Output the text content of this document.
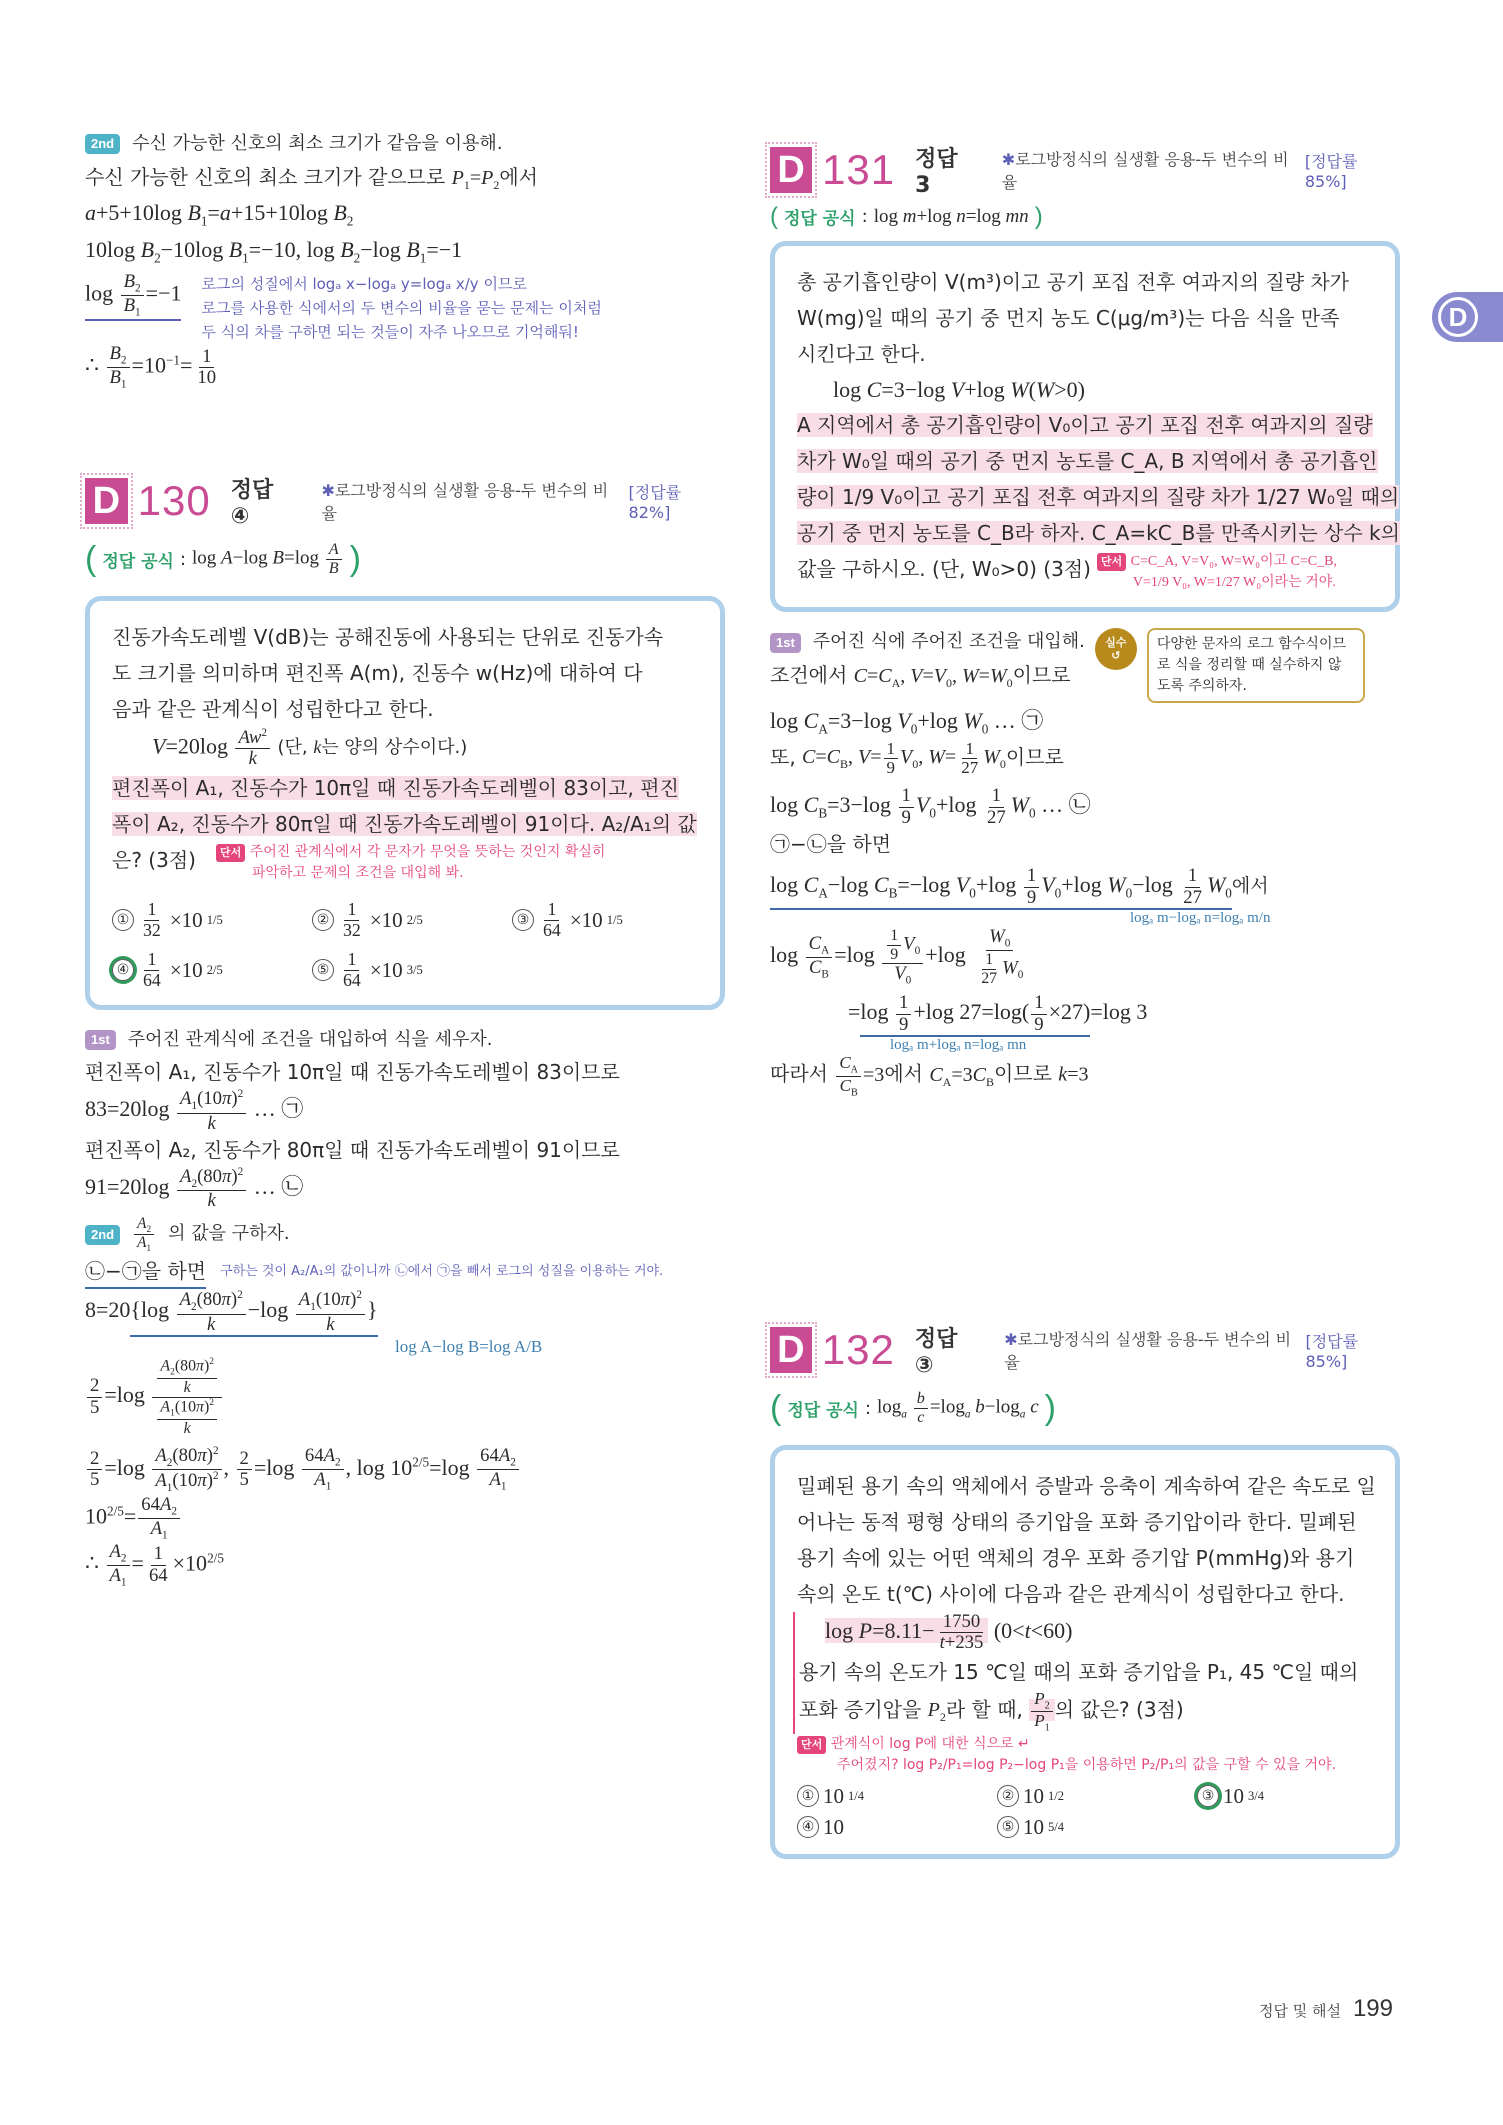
D
2nd	수신 가능한 신호의 최소 크기가 같음을 이용해.
수신 가능한 신호의 최소 크기가 같으므로 $P_1=P_2$에서
a+5+10log $B_1=a+15+10\log$ $B_2$
10log $B_2-10\log$ $B_1=-10$, $\log B_2-\log$ $B_1=-1$
$\log \frac{B_2}{B_1} =-1$ 로그의 성질에서 logₐ x−logₐ y=logₐ x/y 이므로
로그를 사용한 식에서의 두 변수의 비율을 묻는 문제는 이처럼
두 식의 차를 구하면 되는 것들이 자주 나오므로 기억해둬!
∴ $\frac{B_2}{B_1} =10^{-1}= \frac{1}{10}$
D 130 정답 ④
✱로그방정식의 실생활 응용-두 변수의 비율
[정답률 82%]
( 정답 공식 : log A−log $B=\log \frac{A}{B}$ )
진동가속도레벨 V(dB)는 공해진동에 사용되는 단위로 진동가속
도 크기를 의미하며 편진폭 A(m), 진동수 w(Hz)에 대하여 다
음과 같은 관계식이 성립한다고 한다.
$V=20\log \frac{Aw^2}{k}$ (단, k는 양의 상수이다.)
편진폭이 A₁, 진동수가 10π일 때 진동가속도레벨이 83이고, 편진
폭이 A₂, 진동수가 80π일 때 진동가속도레벨이 91이다. A₂/A₁의 값
은? (3점)	단서 주어진 관계식에서 각 문자가 무엇을 뜻하는 것인지 확실히
파악하고 문제의 조건을 대입해 봐.
① $\frac{1}{32} \times 10$ 1/5	② $\frac{1}{32} \times 10$ 2/5	③ $\frac{1}{64} \times 10$ 1/5
④ $\frac{1}{64} \times 10$ 2/5	⑤ $\frac{1}{64} \times 10$ 3/5
1st	주어진 관계식에 조건을 대입하여 식을 세우자.
편진폭이 A₁, 진동수가 10π일 때 진동가속도레벨이 83이므로
$83=20\log \frac{A_1(10\pi)^2}{k}$ … ㉠
편진폭이 A₂, 진동수가 80π일 때 진동가속도레벨이 91이므로
$91=20\log \frac{A_2(80\pi)^2}{k}$ … ㉡
2nd	$\frac{A_2}{A_1}$ 의 값을 구하자.
㉡−㉠을 하면 구하는 것이 A₂/A₁의 값이니까 ㉡에서 ㉠을 빼서 로그의 성질을 이용하는 거야.
$8=20\{\log \frac{A_2(80\pi)^2}{k} -\log \frac{A_1(10\pi)^2}{k}$ }
log A−log B=log A/B
$\frac{2}{5} =\log \frac{\frac{A_2(80\pi)^2}{k}}{\frac{A_1(10\pi)^2}{k}}$
$\frac{2}{5} =\log \frac{A_2(80\pi)^2}{A_1(10\pi)^2}$ , $\frac{2}{5} =\log \frac{64A_2}{A_1}$ , $\log 10^{2/5}=\log \frac{64A_2}{A_1}$
$10^{2/5}= \frac{64A_2}{A_1}$
∴ $\frac{A_2}{A_1} = \frac{1}{64} \times 10^{2/5}$
D 131 정답 3
✱로그방정식의 실생활 응용-두 변수의 비율
[정답률 85%]
( 정답 공식 : log m+log n=log mn )
총 공기흡인량이 V(m³)이고 공기 포집 전후 여과지의 질량 차가
W(mg)일 때의 공기 중 먼지 농도 C(μg/m³)는 다음 식을 만족
시킨다고 한다.
log C=3−log V+log W(W>0)
A 지역에서 총 공기흡인량이 V₀이고 공기 포집 전후 여과지의 질량
차가 W₀일 때의 공기 중 먼지 농도를 C_A, B 지역에서 총 공기흡인
량이 1/9 V₀이고 공기 포집 전후 여과지의 질량 차가 1/27 W₀일 때의
공기 중 먼지 농도를 C_B라 하자. C_A=kC_B를 만족시키는 상수 k의
값을 구하시오. (단, W₀>0) (3점) 단서 C=C_A, V=V₀, W=W₀이고 C=C_B,
V=1/9 V₀, W=1/27 W₀이라는 거야.
1st	주어진 식에 주어진 조건을 대입해.
조건에서 $C=C_A$, $V=V_0$, $W=W_0$이므로
실수
↺
다양한 문자의 로그 함수식이므
로 식을 정리할 때 실수하지 않
도록 주의하자.
$\log C_A=3-\log$ $V_0+\log$ $W_0$ … ㉠
또, $C=C_B$, $V= \frac{1}{9} V_0$, $W= \frac{1}{27} W_0$이므로
$\log C_B=3-\log \frac{1}{9} V_0+\log \frac{1}{27} W_0$ … ㉡
㉠−㉡을 하면
$\log C_A-\log$ $C_B=-\log$ $V_0+\log \frac{1}{9} V_0+\log$ $W_0-\log \frac{1}{27} W_0$에서
logₐ m−logₐ n=logₐ m/n
$\log \frac{C_A}{C_B} =\log \frac{\frac{1}{9} V_0}{V_0} +\log \frac{W_0}{\frac{1}{27} W_0}$
$=\log \frac{1}{9} +\log$ $27=\log( \frac{1}{9} \times 27)=\log$ 3
logₐ m+logₐ n=logₐ mn
따라서 $\frac{C_A}{C_B} =3$에서 $C_A=3C_B$이므로 k=3
D 132 정답 ③
✱로그방정식의 실생활 응용-두 변수의 비율
[정답률 85%]
( 정답 공식 : $\log_a \frac{b}{c} =\log_a$ $b-\log_a$ c )
밀폐된 용기 속의 액체에서 증발과 응축이 계속하여 같은 속도로 일
어나는 동적 평형 상태의 증기압을 포화 증기압이라 한다. 밀폐된
용기 속에 있는 어떤 액체의 경우 포화 증기압 P(mmHg)와 용기
속의 온도 t(℃) 사이에 다음과 같은 관계식이 성립한다고 한다.
$\log P=8.11- \frac{1750}{t+235} (0<t<60)$
용기 속의 온도가 15 ℃일 때의 포화 증기압을 P₁, 45 ℃일 때의
포화 증기압을 $P_2$라 할 때, $\frac{P_2}{P_1}$ 의 값은? (3점)
단서 관계식이 log P에 대한 식으로 ↵
주어졌지? log P₂/P₁=log P₂−log P₁을 이용하면 P₂/P₁의 값을 구할 수 있을 거야.
① 10 1/4	② 10 1/2	③ 10 3/4
④ 10	⑤ 10 5/4
정답 및 해설 199
